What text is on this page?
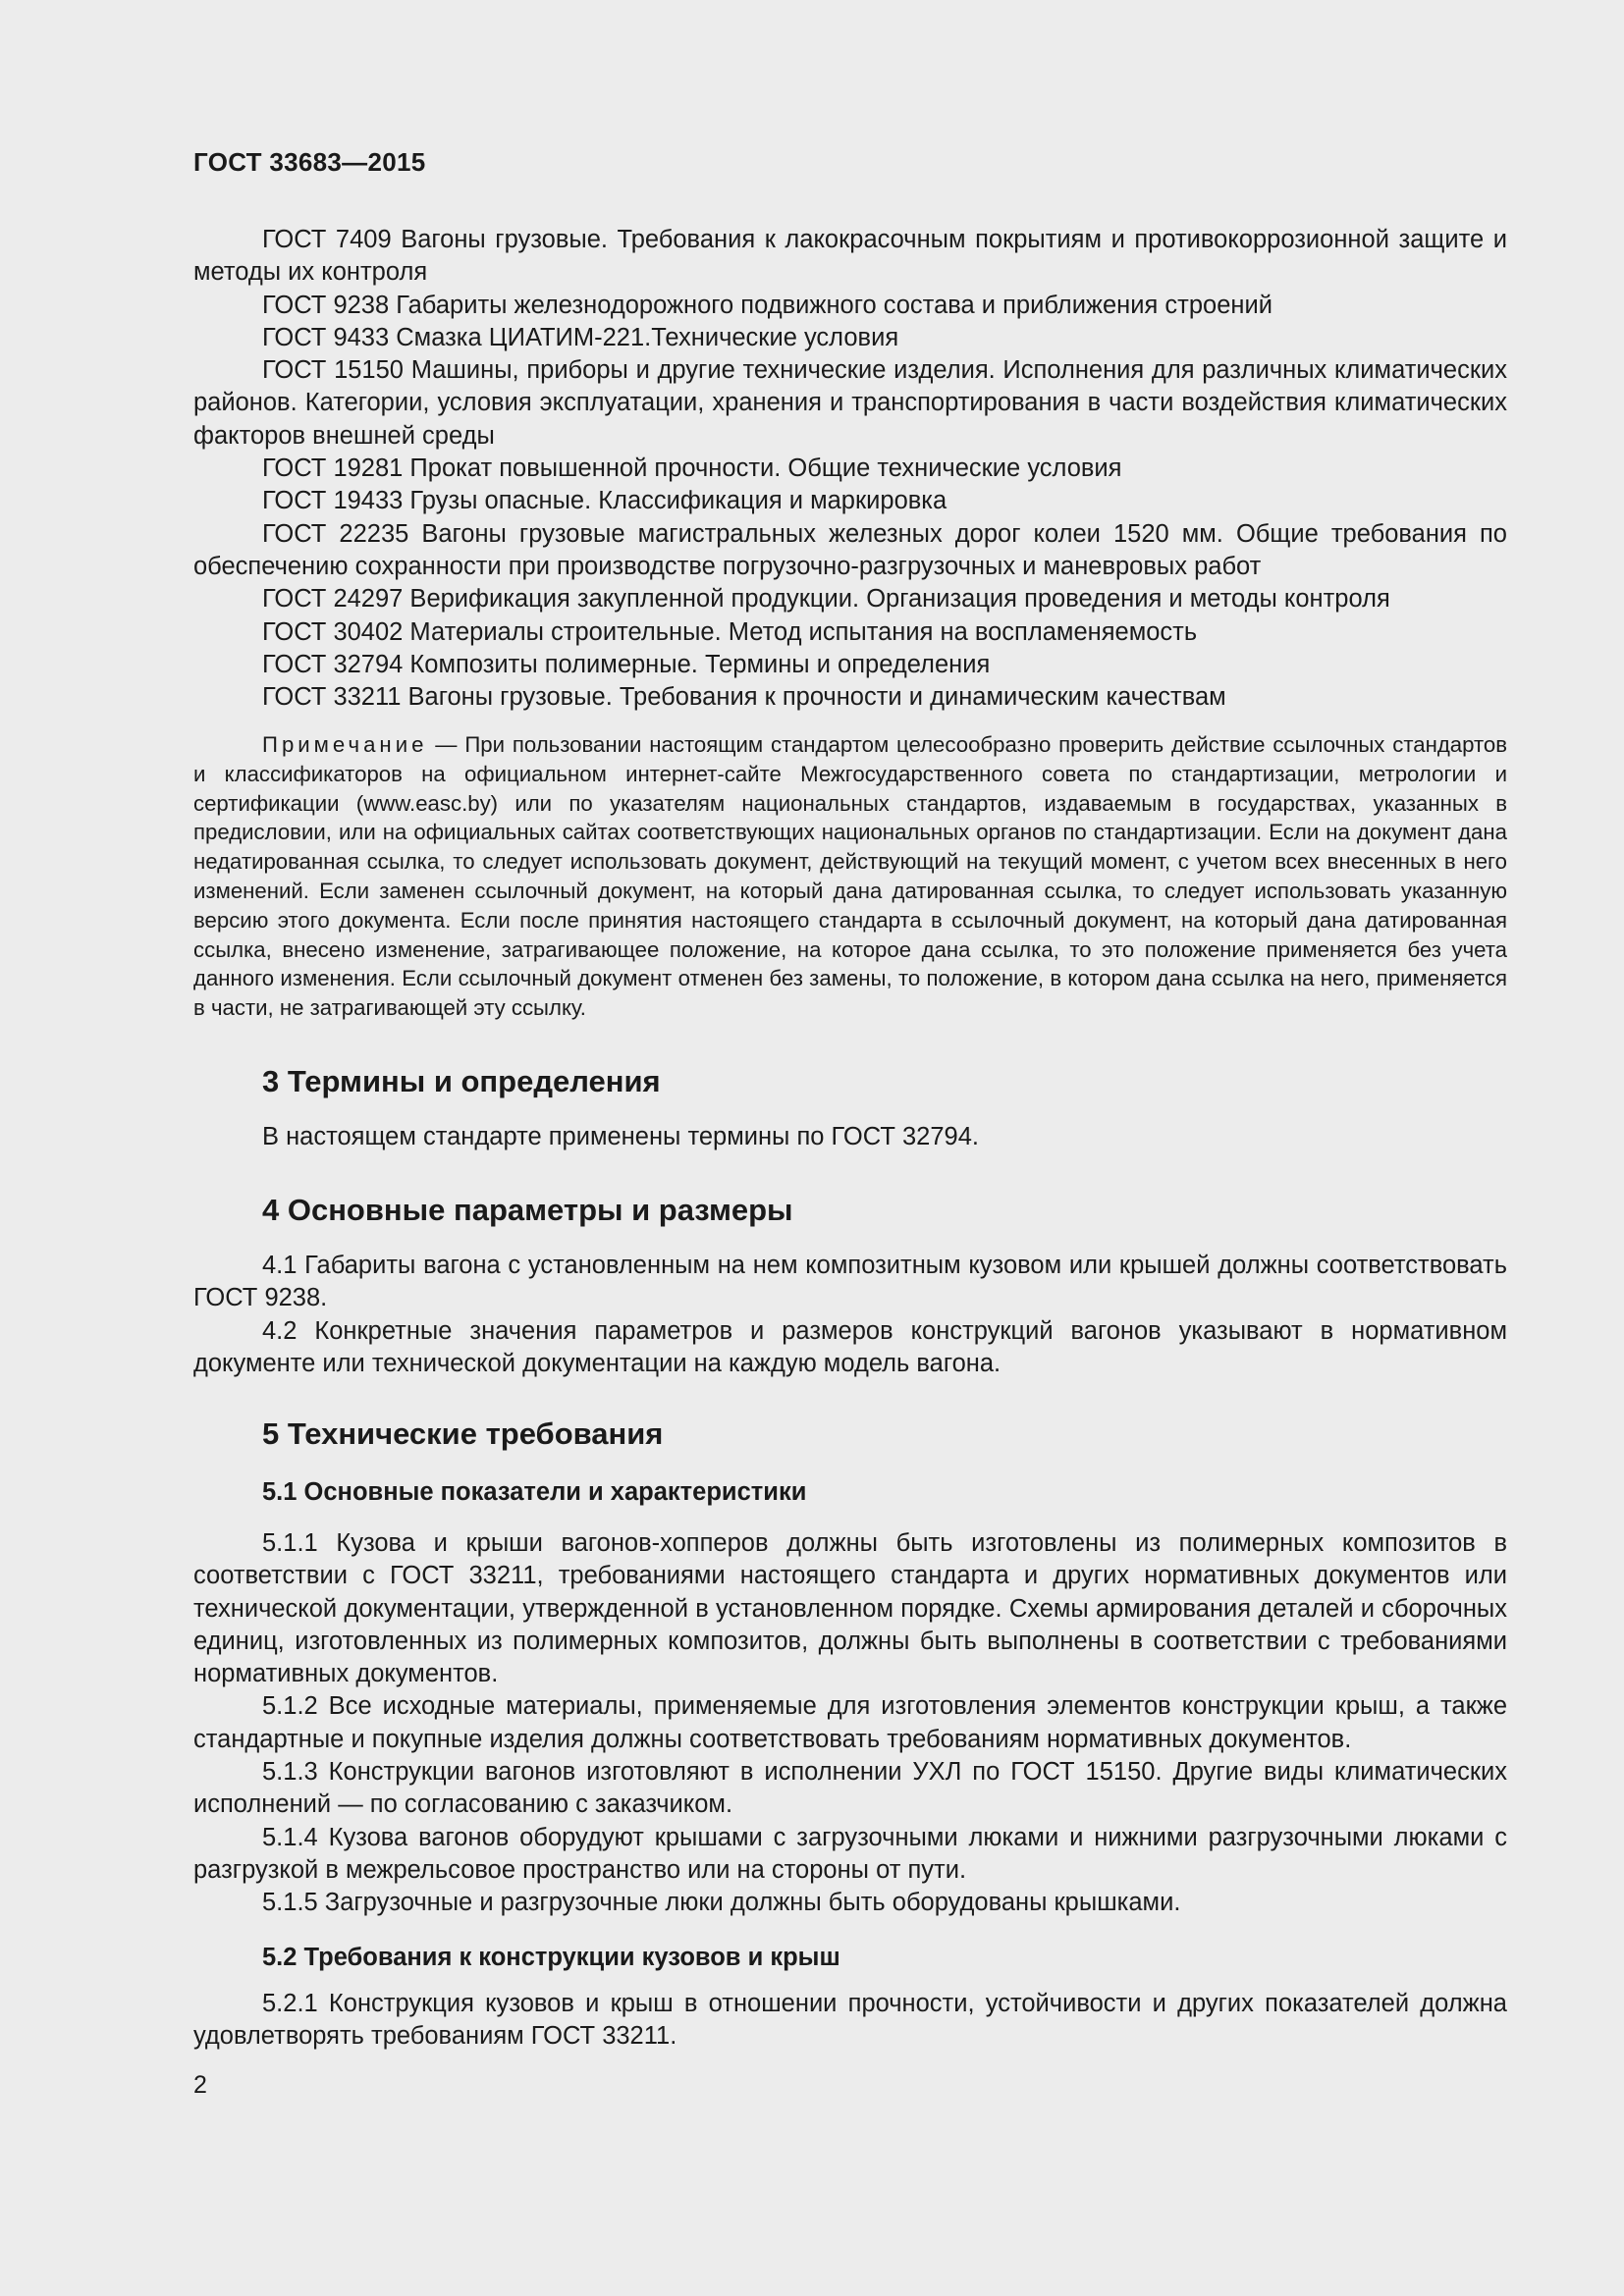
ГОСТ 33683—2015

ГОСТ 7409 Вагоны грузовые. Требования к лакокрасочным покрытиям и противокоррозионной защите и методы их контроля

ГОСТ 9238 Габариты железнодорожного подвижного состава и приближения строений

ГОСТ 9433 Смазка ЦИАТИМ-221.Технические условия

ГОСТ 15150 Машины, приборы и другие технические изделия. Исполнения для различных климатических районов. Категории, условия эксплуатации, хранения и транспортирования в части воздействия климатических факторов внешней среды

ГОСТ 19281 Прокат повышенной прочности. Общие технические условия

ГОСТ 19433 Грузы опасные. Классификация и маркировка

ГОСТ 22235 Вагоны грузовые магистральных железных дорог колеи 1520 мм. Общие требования по обеспечению сохранности при производстве погрузочно-разгрузочных и маневровых работ

ГОСТ 24297 Верификация закупленной продукции. Организация проведения и методы контроля

ГОСТ 30402 Материалы строительные. Метод испытания на воспламеняемость

ГОСТ 32794 Композиты полимерные. Термины и определения

ГОСТ 33211 Вагоны грузовые. Требования к прочности и динамическим качествам

Примечание — При пользовании настоящим стандартом целесообразно проверить действие ссылочных стандартов и классификаторов на официальном интернет-сайте Межгосударственного совета по стандартизации, метрологии и сертификации (www.easc.by) или по указателям национальных стандартов, издаваемым в государствах, указанных в предисловии, или на официальных сайтах соответствующих национальных органов по стандартизации. Если на документ дана недатированная ссылка, то следует использовать документ, действующий на текущий момент, с учетом всех внесенных в него изменений. Если заменен ссылочный документ, на который дана датированная ссылка, то следует использовать указанную версию этого документа. Если после принятия настоящего стандарта в ссылочный документ, на который дана датированная ссылка, внесено изменение, затрагивающее положение, на которое дана ссылка, то это положение применяется без учета данного изменения. Если ссылочный документ отменен без замены, то положение, в котором дана ссылка на него, применяется в части, не затрагивающей эту ссылку.
3 Термины и определения

В настоящем стандарте применены термины по ГОСТ 32794.

4 Основные параметры и размеры

4.1 Габариты вагона с установленным на нем композитным кузовом или крышей должны соответствовать ГОСТ 9238.

4.2 Конкретные значения параметров и размеров конструкций вагонов указывают в нормативном документе или технической документации на каждую модель вагона.

5 Технические требования
5.1 Основные показатели и характеристики

5.1.1 Кузова и крыши вагонов-хопперов должны быть изготовлены из полимерных композитов в соответствии с ГОСТ 33211, требованиями настоящего стандарта и других нормативных документов или технической документации, утвержденной в установленном порядке. Схемы армирования деталей и сборочных единиц, изготовленных из полимерных композитов, должны быть выполнены в соответствии с требованиями нормативных документов.

5.1.2 Все исходные материалы, применяемые для изготовления элементов конструкции крыш, а также стандартные и покупные изделия должны соответствовать требованиям нормативных документов.

5.1.3 Конструкции вагонов изготовляют в исполнении УХЛ по ГОСТ 15150. Другие виды климатических исполнений — по согласованию с заказчиком.

5.1.4 Кузова вагонов оборудуют крышами с загрузочными люками и нижними разгрузочными люками с разгрузкой в межрельсовое пространство или на стороны от пути.

5.1.5 Загрузочные и разгрузочные люки должны быть оборудованы крышками.

5.2 Требования к конструкции кузовов и крыш

5.2.1 Конструкция кузовов и крыш в отношении прочности, устойчивости и других показателей должна удовлетворять требованиям ГОСТ 33211.

2
